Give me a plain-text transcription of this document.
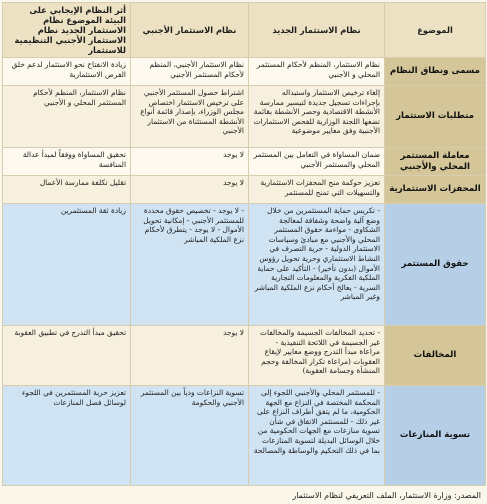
الموضوع	نظام الاستثمار الجديد	نظام الاستثمار الأجنبي	أثر النظام الإيجابي على البيئة الموضوع نظام الاستثمار الجديد نظام الاستثمار الأجنبي التنظيمية للاستثمار
مسمى ونطاق النظام	نظام الاستثمار، المنظم لأحكام المستثمر المحلي و الأجنبي	نظام الاستثمار الأجنبي، المنظم لأحكام المستثمر الأجنبي	زيادة الانفتاح نحو الاستثمار لدعم خلق الفرص الاستثمارية
متطلبات الاستثمار	إلغاء ترخيص الاستثمار واستبداله بإجراءات تسجيل جديدة لتيسير ممارسة الأنشطة الاقتصادية وحصر الأنشطة بقائمة تضعها اللجنة الوزارية للفحص الاستثمارات الأجنبية وفق معايير موضوعية	اشتراط حصول المستثمر الأجنبي على ترخيص الاستثمار اختصاص مجلس الوزراء، بإصدار قائمة أنواع الأنشطة المستثناة من الاستثمار الأجنبي	نظام الاستثمار، المنظم لأحكام المستثمر المحلي و الأجنبي
معاملة المستثمر المحلي والأجنبي	ضمان المساواة في التعامل بين المستثمر المحلي والمستثمر الأجنبي	لا يوجد	تحقيق المساواة ووفقاً لمبدأ عدالة المنافسة
المحفزات الاستثمارية	تعزيز حوكمة منح المحفزات الاستثمارية والتسهيلات التي تمنح للمستثمر	لا يوجد	تقليل تكلفة ممارسة الأعمال
حقوق المستثمر	- تكريس حماية المستثمرين من خلال وضع آلية واضحة وشفافة لمعالجة الشكاوى - مواءمة حقوق المستثمر المحلي والأجنبي مع مبادئ وسياسات الاستثمار الدولية - حرية التصرف في النشاط الاستثماري وحرية تحويل رؤوس الأموال (بدون تأخير) - التأكيد على حماية الملكية الفكرية والمعلومات التجارية السرية - يعالج أحكام نزع الملكية المباشر وغير المباشر	- لا يوجد - تخصيص حقوق محددة للمستثمر الأجنبي - إمكانية تحويل الأموال - لا يوجد - يتطرق لأحكام نزع الملكية المباشر	زيادة ثقة المستثمرين
المخالفات	- تحديد المخالفات الجسيمة والمخالفات غير الجسيمة في اللائحة التنفيذية - مراعاة مبدأ التدرج ووضع معايير لإيقاع العقوبات (مراعاة تكرار المخالفة وحجم المنشأة وجسامة العقوبة)	لا يوجد	تحقيق مبدأ التدرج في تطبيق العقوبة
تسوية المنازعات	- للمستثمر المحلي والأجنبي اللجوء إلى المحكمة المختصة في النزاع مع الجهة الحكومية، ما لم يتفق أطراف النزاع على غير ذلك - للمستثمر الاتفاق في شأن تسوية منازعات مع الجهات الحكومية من خلال الوسائل البديلة لتسوية المنازعات بما في ذلك التحكيم والوساطة والمصالحة	تسوية النزاعات ودياً بين المستثمر الأجنبي والحكومة	تعزيز حرية المستثمرين في اللجوء لوسائل فصل المنازعات
المصدر: وزارة الاستثمار، الملف التعريفي لنظام الاستثمار
